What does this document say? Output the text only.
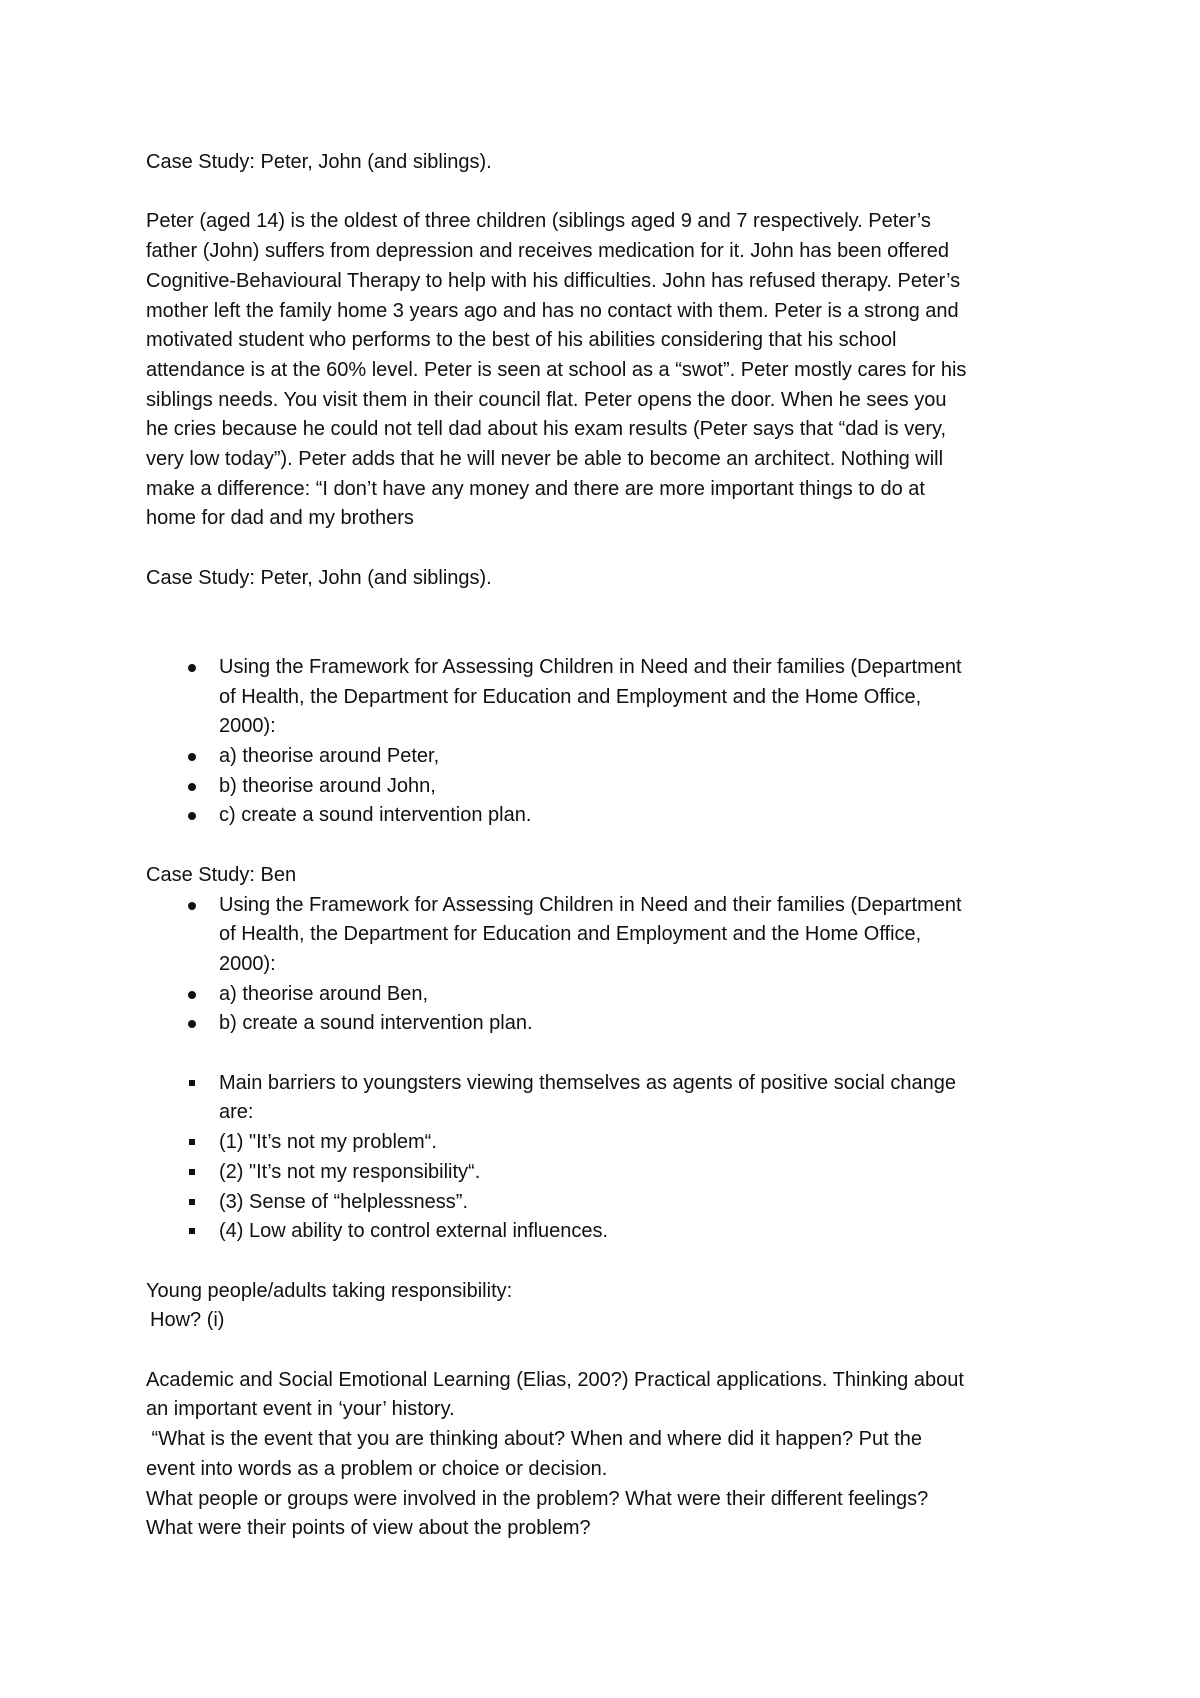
Case Study: Peter, John (and siblings).

Peter (aged 14) is the oldest of three children (siblings aged 9 and 7 respectively. Peter’s
father (John) suffers from depression and receives medication for it. John has been offered
Cognitive-Behavioural Therapy to help with his difficulties. John has refused therapy. Peter’s
mother left the family home 3 years ago and has no contact with them. Peter is a strong and
motivated student who performs to the best of his abilities considering that his school
attendance is at the 60% level. Peter is seen at school as a “swot”. Peter mostly cares for his
siblings needs. You visit them in their council flat. Peter opens the door. When he sees you
he cries because he could not tell dad about his exam results (Peter says that “dad is very,
very low today”). Peter adds that he will never be able to become an architect. Nothing will
make a difference: “I don’t have any money and there are more important things to do at
home for dad and my brothers

Case Study: Peter, John (and siblings).

Using the Framework for Assessing Children in Need and their families (Department
of Health, the Department for Education and Employment and the Home Office,
2000):
a) theorise around Peter,
b) theorise around John,
c) create a sound intervention plan.

Case Study: Ben

Using the Framework for Assessing Children in Need and their families (Department
of Health, the Department for Education and Employment and the Home Office,
2000):
a) theorise around Ben,
b) create a sound intervention plan.
Main barriers to youngsters viewing themselves as agents of positive social change
are:
(1) "It’s not my problem“.
(2) "It’s not my responsibility“.
(3) Sense of “helplessness”.
(4) Low ability to control external influences.

Young people/adults taking responsibility:

How? (i)

Academic and Social Emotional Learning (Elias, 200?) Practical applications. Thinking about
an important event in ‘your’ history.
“What is the event that you are thinking about? When and where did it happen? Put the
event into words as a problem or choice or decision.
What people or groups were involved in the problem? What were their different feelings?
What were their points of view about the problem?
